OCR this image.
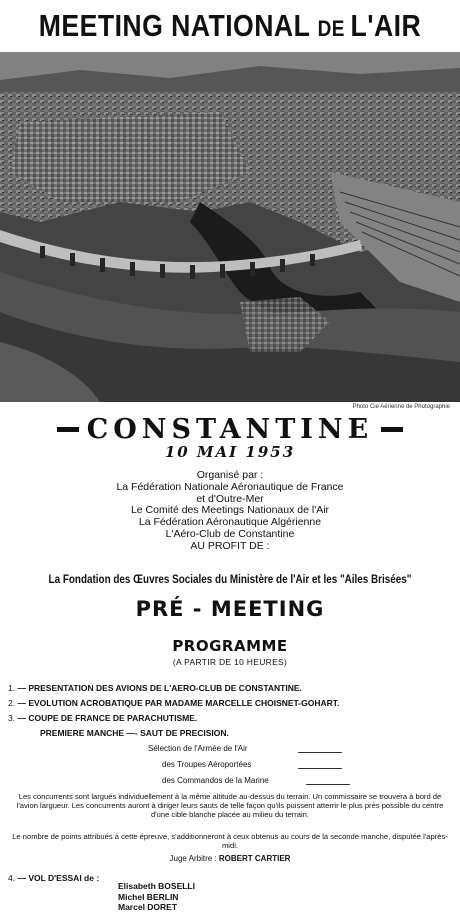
MEETING NATIONAL DE L'AIR
Photo Cie Aérienne de Photographie
CONSTANTINE
10 MAI 1953
Organisé par :
La Fédération Nationale Aéronautique de France
et d'Outre-Mer
Le Comité des Meetings Nationaux de l'Air
La Fédération Aéronautique Algérienne
L'Aéro-Club de Constantine
AU PROFIT DE :
La Fondation des Œuvres Sociales du Ministère de l'Air et les "Ailes Brisées"
PRÉ - MEETING
PROGRAMME
(A PARTIR DE 10 HEURES)
1. — PRESENTATION DES AVIONS DE L'AERO-CLUB DE CONSTANTINE.
2. — EVOLUTION ACROBATIQUE PAR MADAME MARCELLE CHOISNET-GOHART.
3. — COUPE DE FRANCE DE PARACHUTISME.
PREMIERE MANCHE —- SAUT DE PRECISION.
Sélection de l'Armée de l'Air
des Troupes Aéroportées
des Commandos de la Marine
Les concurrents sont largués individuellement à la même altitude au-dessus du terrain. Un commissaire se trouvera à bord de l'avion largueur. Les concurrents auront à diriger leurs sauts de telle façon qu'ils puissent atterrir le plus près possible du centre d'une cible blanche placée au milieu du terrain.
Le nombre de points attribués à cette épreuve, s'additionneront à ceux obtenus au cours de la seconde manche, disputée l'après-midi.
Juge Arbitre : ROBERT CARTIER
4. — VOL D'ESSAI de :
Elisabeth BOSELLI
Michel BERLIN
Marcel DORET
